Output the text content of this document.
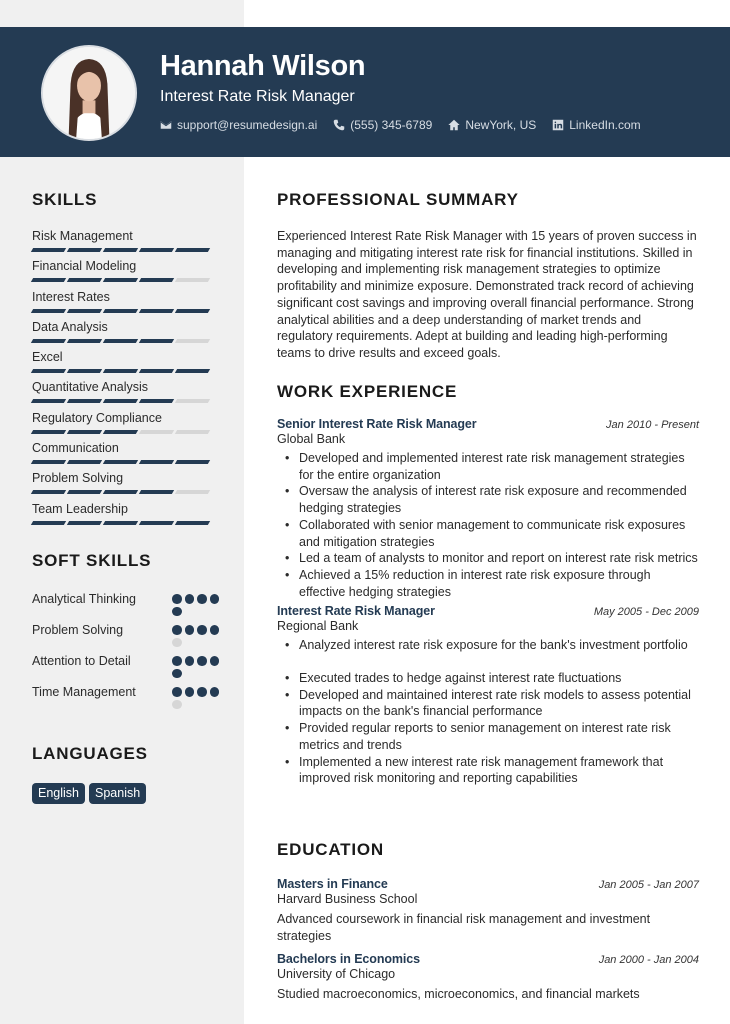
Hannah Wilson
Interest Rate Risk Manager
support@resumedesign.ai	(555) 345-6789	NewYork, US	LinkedIn.com
SKILLS
Risk Management
Financial Modeling
Interest Rates
Data Analysis
Excel
Quantitative Analysis
Regulatory Compliance
Communication
Problem Solving
Team Leadership
SOFT SKILLS
Analytical Thinking
Problem Solving
Attention to Detail
Time Management
LANGUAGES
English	Spanish
PROFESSIONAL SUMMARY

Experienced Interest Rate Risk Manager with 15 years of proven success in managing and mitigating interest rate risk for financial institutions. Skilled in developing and implementing risk management strategies to optimize profitability and minimize exposure. Demonstrated track record of achieving significant cost savings and improving overall financial performance. Strong analytical abilities and a deep understanding of market trends and regulatory requirements. Adept at building and leading high-performing teams to drive results and exceed goals.

WORK EXPERIENCE
Senior Interest Rate Risk Manager	Jan 2010 - Present
Global Bank
• Developed and implemented interest rate risk management strategies for the entire organization
• Oversaw the analysis of interest rate risk exposure and recommended hedging strategies
• Collaborated with senior management to communicate risk exposures and mitigation strategies
• Led a team of analysts to monitor and report on interest rate risk metrics
• Achieved a 15% reduction in interest rate risk exposure through effective hedging strategies
Interest Rate Risk Manager	May 2005 - Dec 2009
Regional Bank
• Analyzed interest rate risk exposure for the bank's investment portfolio
• Executed trades to hedge against interest rate fluctuations
• Developed and maintained interest rate risk models to assess potential impacts on the bank's financial performance
• Provided regular reports to senior management on interest rate risk metrics and trends
• Implemented a new interest rate risk management framework that improved risk monitoring and reporting capabilities
EDUCATION
Masters in Finance	Jan 2005 - Jan 2007
Harvard Business School
Advanced coursework in financial risk management and investment strategies
Bachelors in Economics	Jan 2000 - Jan 2004
University of Chicago
Studied macroeconomics, microeconomics, and financial markets
